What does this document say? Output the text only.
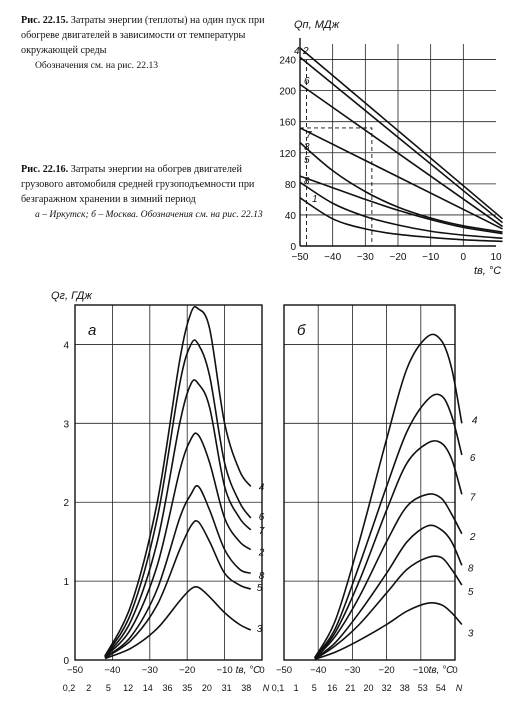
Рис. 22.15. Затраты энергии (теплоты) на один пуск при обогреве двигателей в зависимости от температуры окружающей среды
Обозначения см. на рис. 22.13
Рис. 22.16. Затраты энергии на обогрев двигателей грузового автомобиля средней грузоподъемности при безгаражном хранении в зимний период
а – Иркутск; б – Москва. Обозначения см. на рис. 22.13
0
40
80
120
160
200
240
−50 −40 −30 −20 −10 0 10
Qп, МДж
tв, °C
2
4
6
7
3
8
5
1
0
1
2
3
4
Qг, ГДж
−50 −40 −30 −20 −10	0
tв, °C
0,2 2 5 12 14 36 35 20 31 38 N
а
4
6
7
2
8
5
3
−50 −40 −30 −20 −10 0
tв, °C
0,1 1 5 16 21 20 32 38 53 54 N
б
4
6
7
2
8
5
3
